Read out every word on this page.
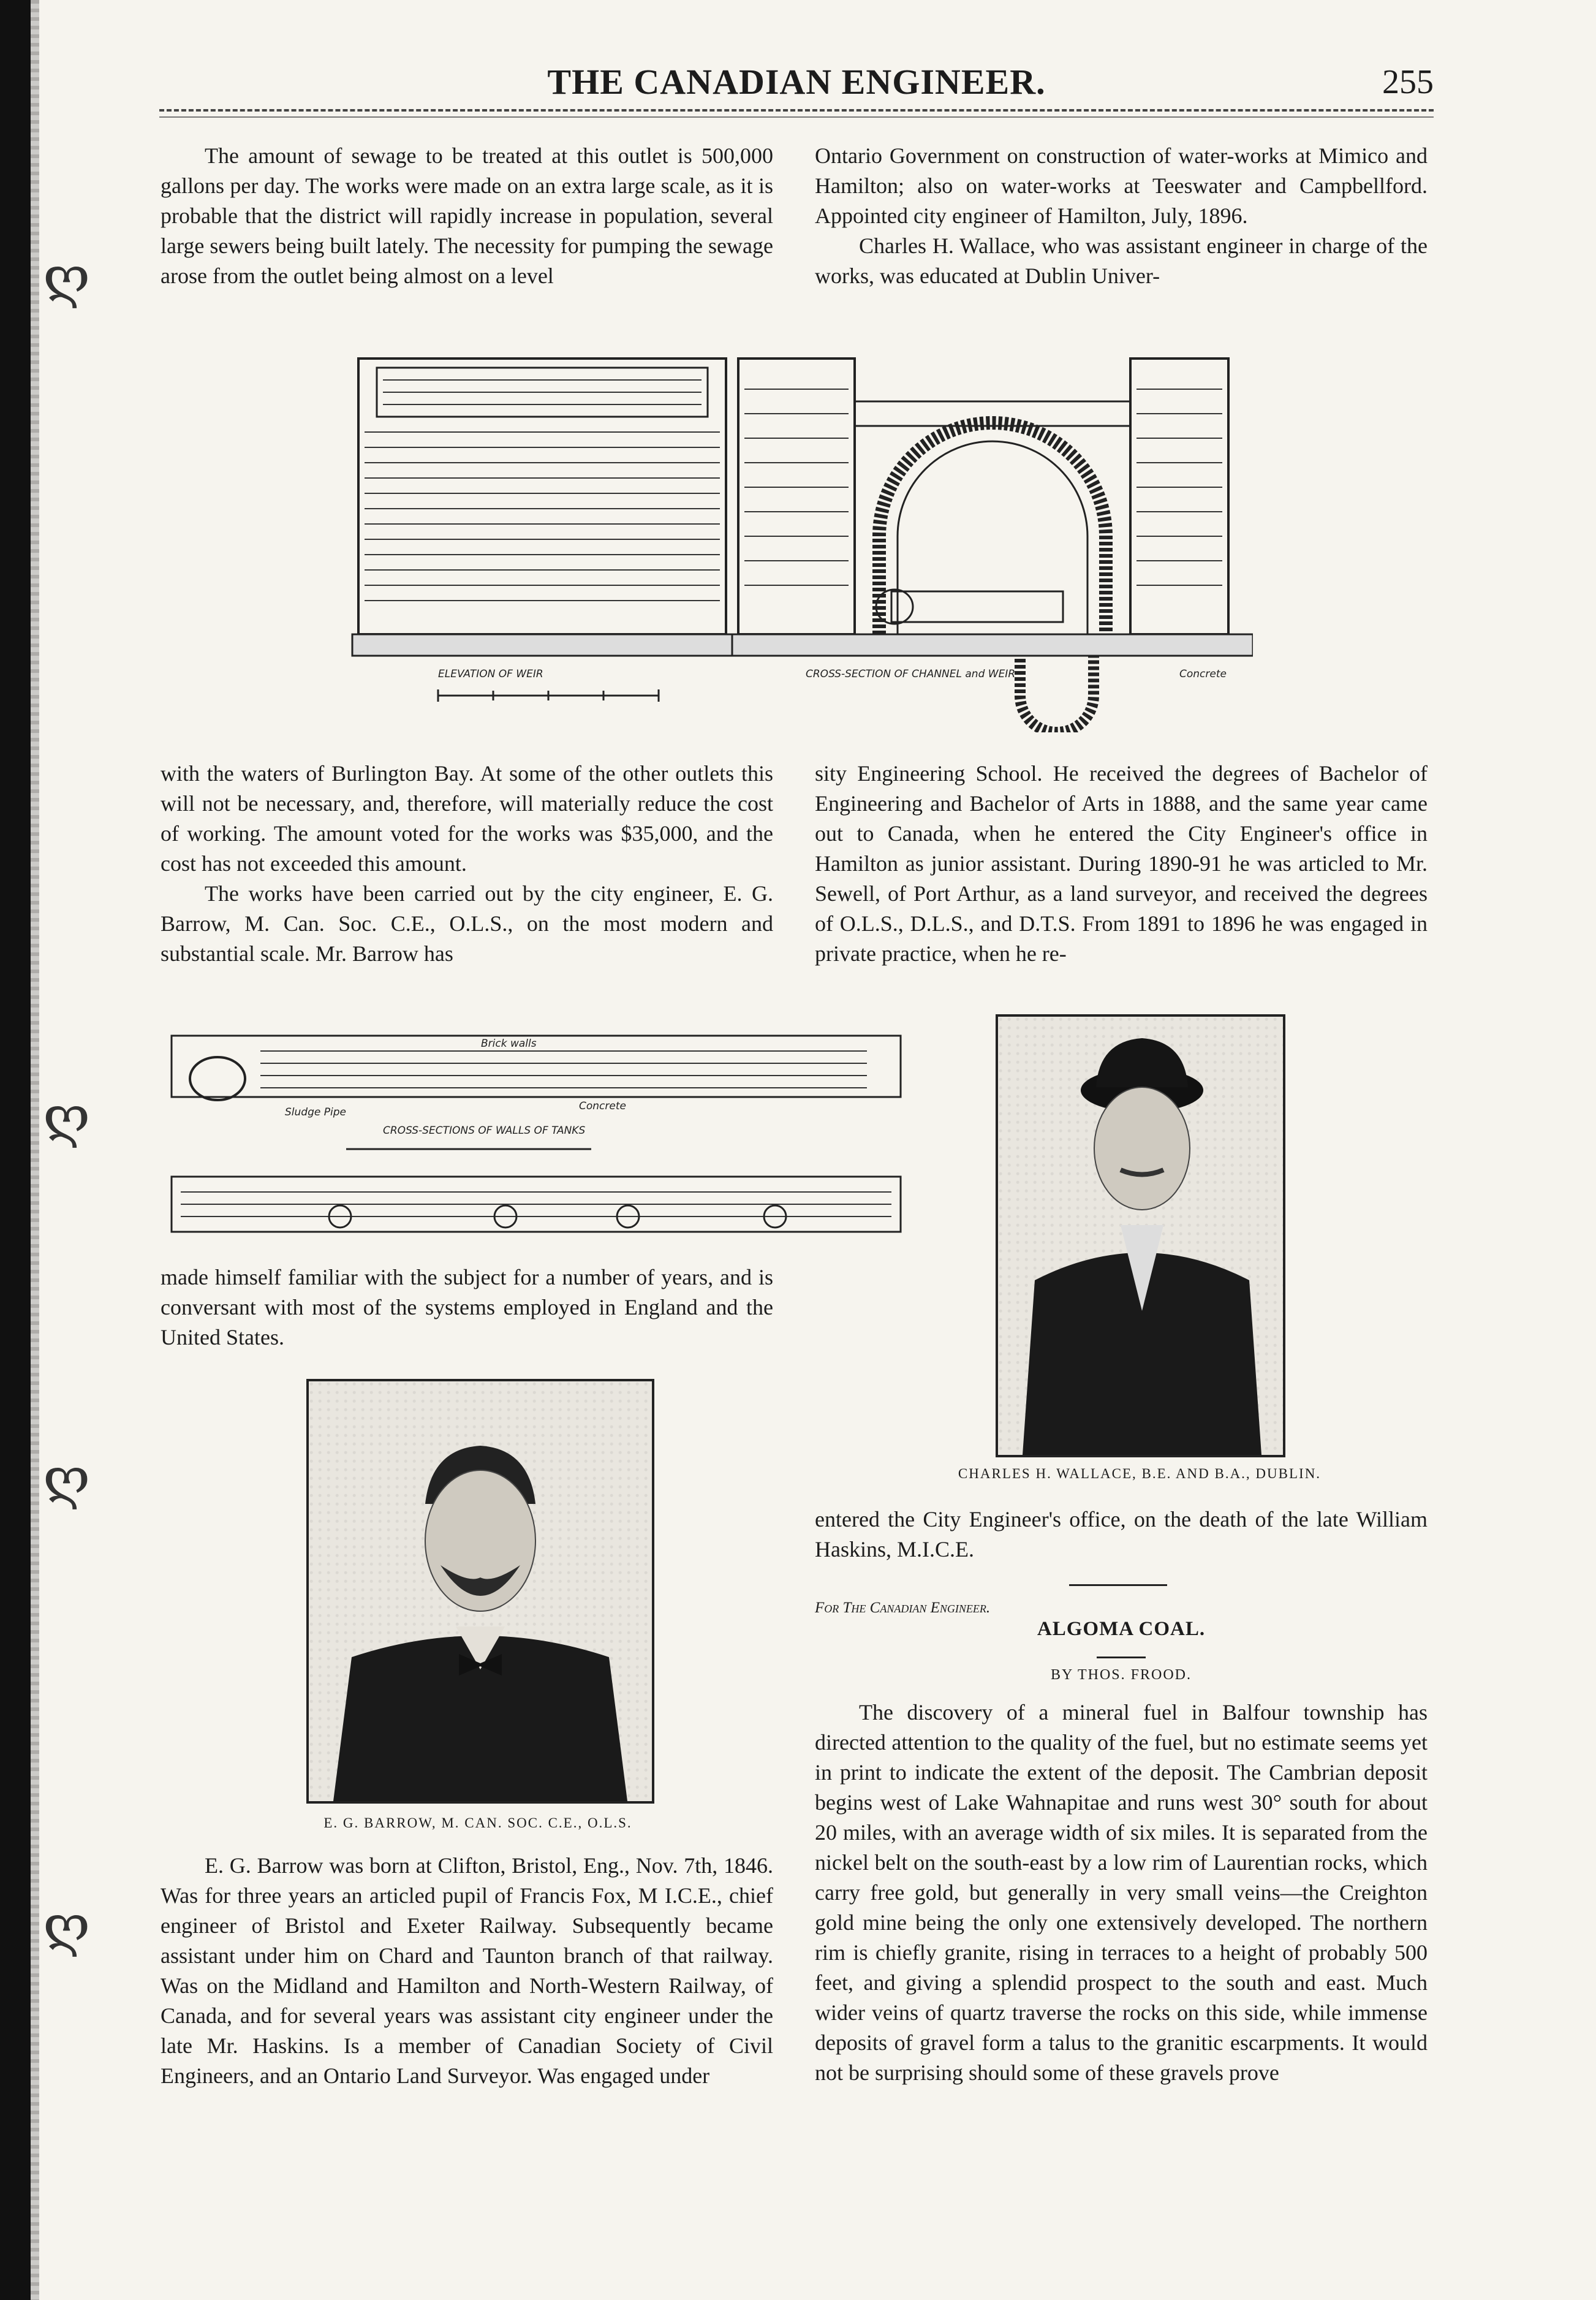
ღ
ღ
ღ
ღ
THE CANADIAN ENGINEER.	255

The amount of sewage to be treated at this outlet is 500,000 gallons per day. The works were made on an extra large scale, as it is probable that the district will rapidly increase in population, several large sewers being built lately. The necessity for pumping the sewage arose from the outlet being almost on a level

Ontario Government on construction of water-works at Mimico and Hamilton; also on water-works at Teeswater and Campbellford. Appointed city engineer of Hamilton, July, 1896.

Charles H. Wallace, who was assistant engineer in charge of the works, was educated at Dublin Univer-

ELEVATION OF WEIR	CROSS-SECTION OF CHANNEL and WEIR	Concrete

with the waters of Burlington Bay. At some of the other outlets this will not be necessary, and, therefore, will materially reduce the cost of working. The amount voted for the works was $35,000, and the cost has not exceeded this amount.

The works have been carried out by the city engineer, E. G. Barrow, M. Can. Soc. C.E., O.L.S., on the most modern and substantial scale. Mr. Barrow has

sity Engineering School. He received the degrees of Bachelor of Engineering and Bachelor of Arts in 1888, and the same year came out to Canada, when he entered the City Engineer's office in Hamilton as junior assistant. During 1890-91 he was articled to Mr. Sewell, of Port Arthur, as a land surveyor, and received the degrees of O.L.S., D.L.S., and D.T.S. From 1891 to 1896 he was engaged in private practice, when he re-

Sludge Pipe
Brick walls
Concrete
CROSS-SECTIONS OF WALLS OF TANKS
CHARLES H. WALLACE, B.E. AND B.A., DUBLIN.

made himself familiar with the subject for a number of years, and is conversant with most of the systems employed in England and the United States.

E. G. BARROW, M. CAN. SOC. C.E., O.L.S.

E. G. Barrow was born at Clifton, Bristol, Eng., Nov. 7th, 1846. Was for three years an articled pupil of Francis Fox, M I.C.E., chief engineer of Bristol and Exeter Railway. Subsequently became assistant under him on Chard and Taunton branch of that railway. Was on the Midland and Hamilton and North-Western Railway, of Canada, and for several years was assistant city engineer under the late Mr. Haskins. Is a member of Canadian Society of Civil Engineers, and an Ontario Land Surveyor. Was engaged under

entered the City Engineer's office, on the death of the late William Haskins, M.I.C.E.

For The Canadian Engineer.
ALGOMA COAL.
BY THOS. FROOD.

The discovery of a mineral fuel in Balfour township has directed attention to the quality of the fuel, but no estimate seems yet in print to indicate the extent of the deposit. The Cambrian deposit begins west of Lake Wahnapitae and runs west 30° south for about 20 miles, with an average width of six miles. It is separated from the nickel belt on the south-east by a low rim of Laurentian rocks, which carry free gold, but generally in very small veins—the Creighton gold mine being the only one extensively developed. The northern rim is chiefly granite, rising in terraces to a height of probably 500 feet, and giving a splendid prospect to the south and east. Much wider veins of quartz traverse the rocks on this side, while immense deposits of gravel form a talus to the granitic escarpments. It would not be surprising should some of these gravels prove
